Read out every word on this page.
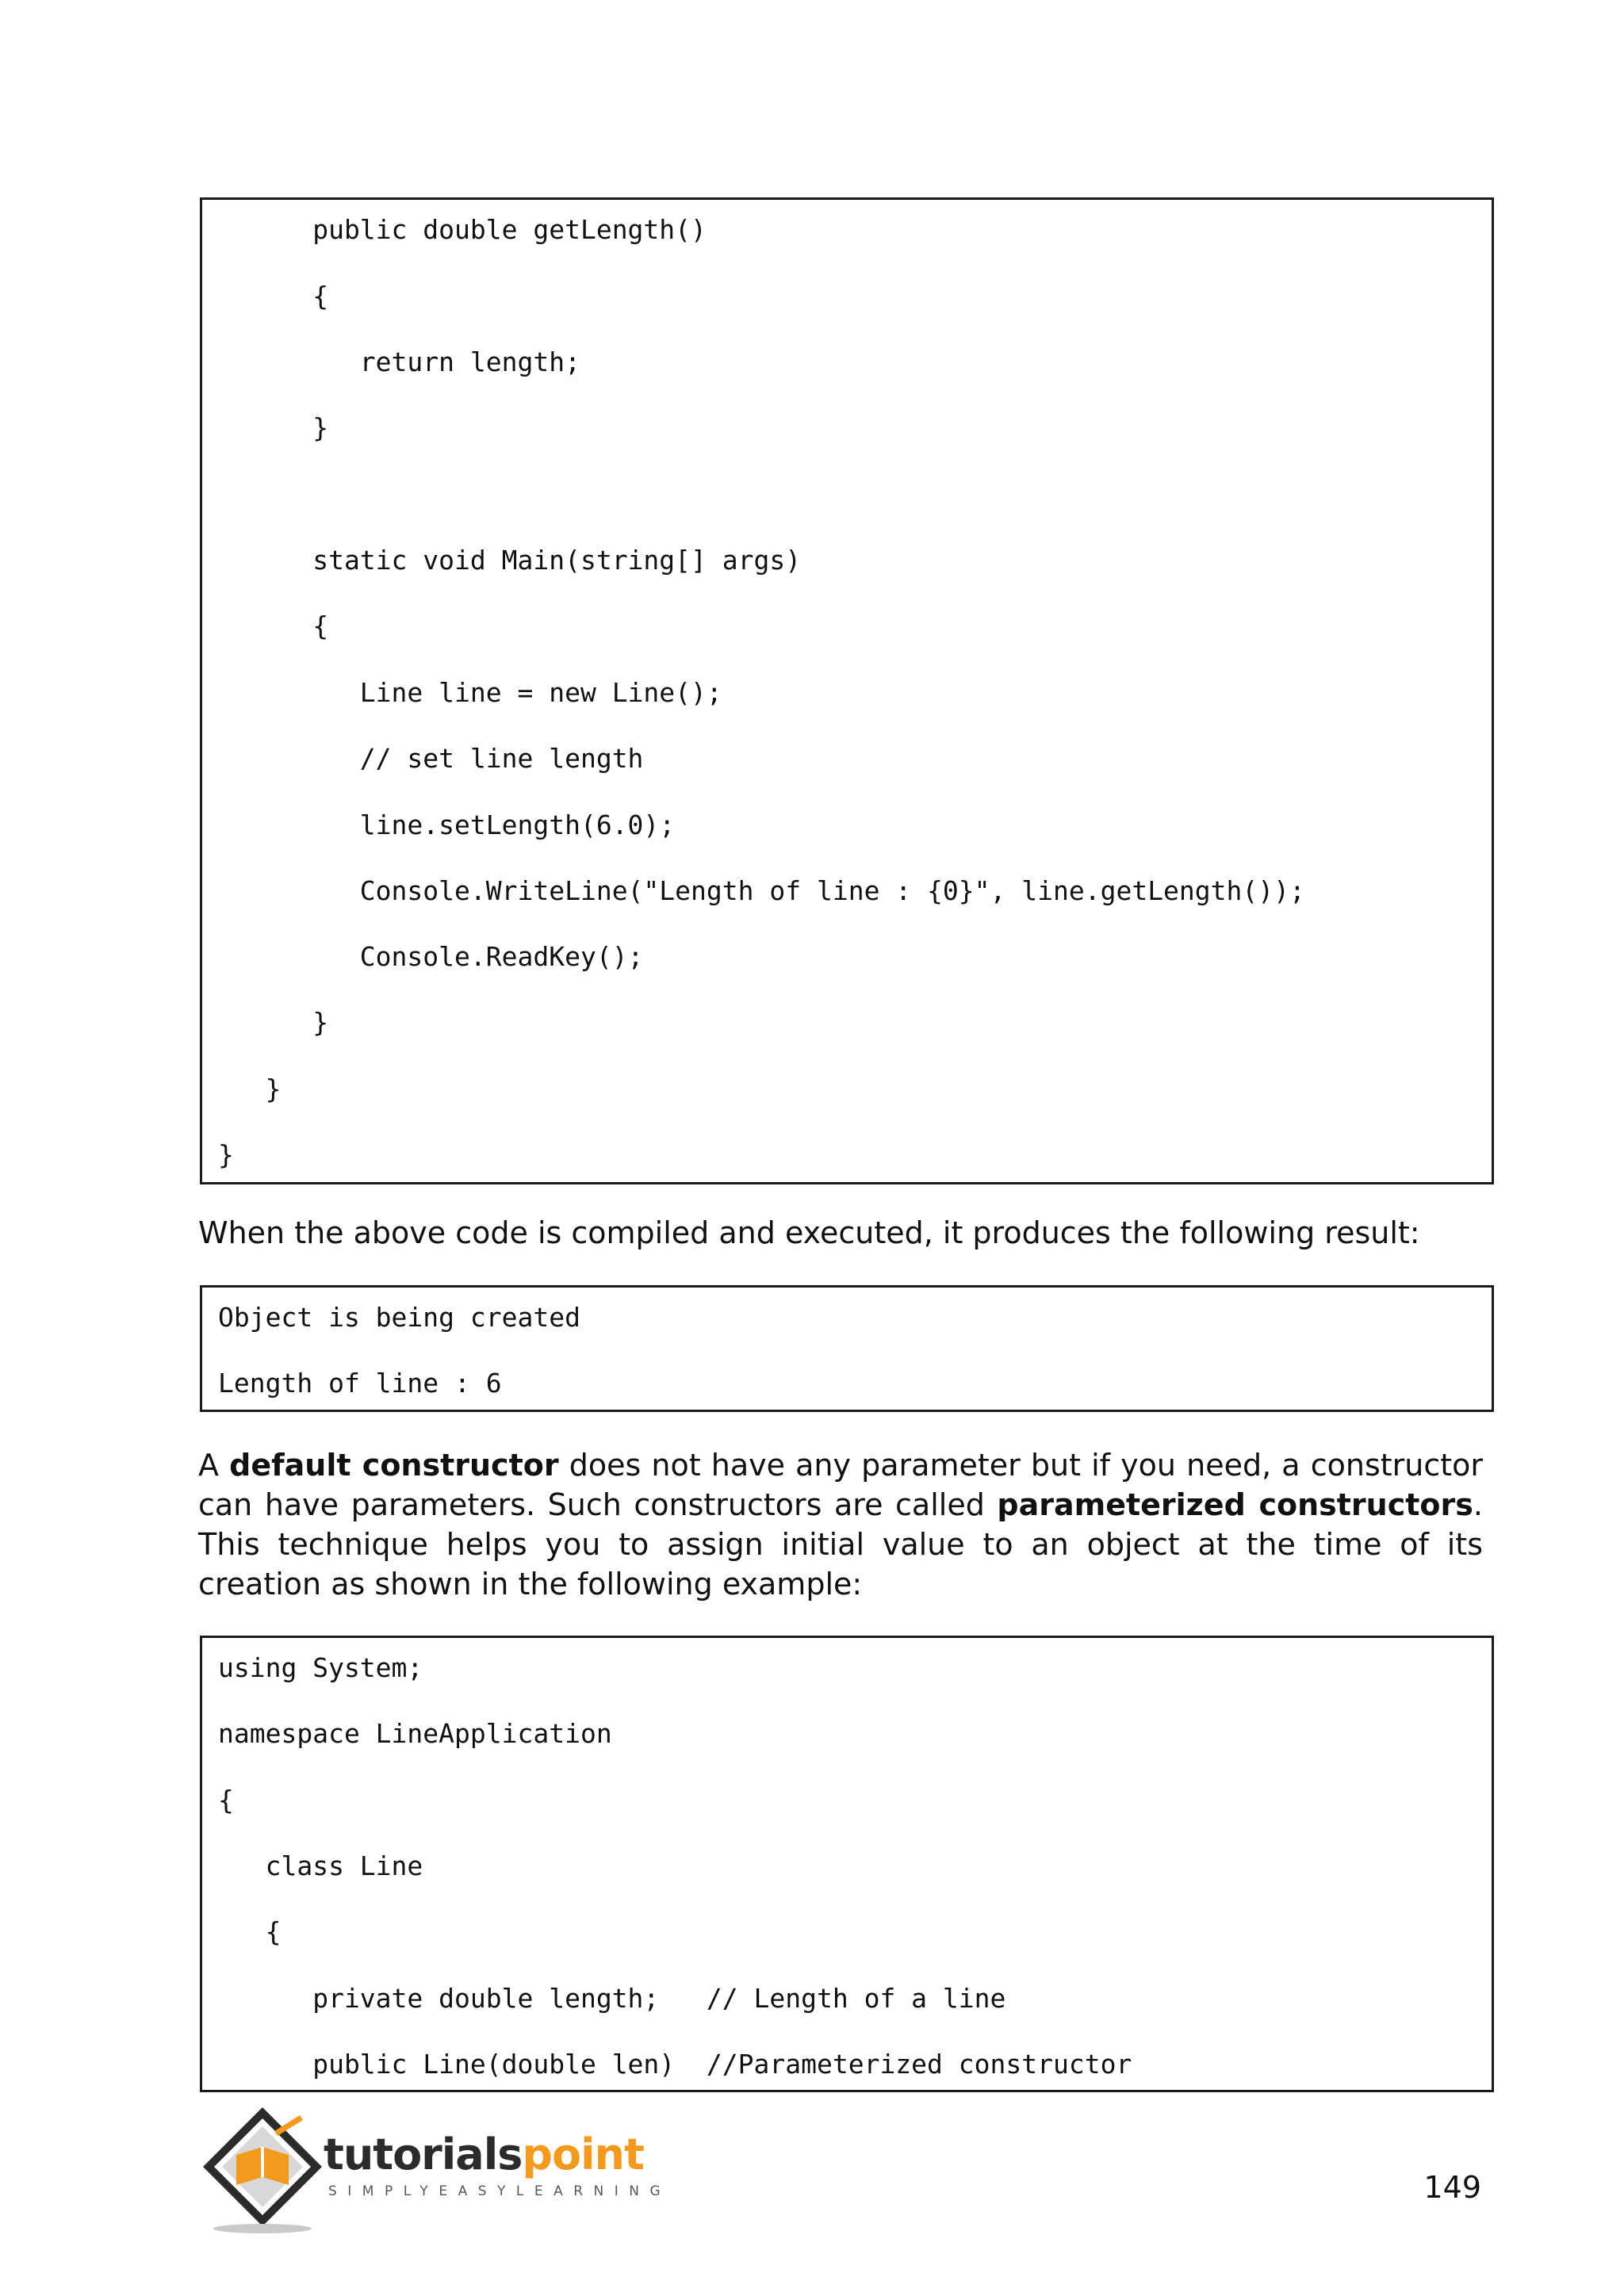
public double getLength()
{
return length;
}
static void Main(string[] args)
{
Line line = new Line();
// set line length
line.setLength(6.0);
Console.WriteLine("Length of line : {0}", line.getLength());
Console.ReadKey();
}
}
}
When the above code is compiled and executed, it produces the following result:
Object is being created
Length of line : 6
A default constructor does not have any parameter but if you need, a constructor can have parameters. Such constructors are called parameterized constructors. This technique helps you to assign initial value to an object at the time of its creation as shown in the following example:
using System;
namespace LineApplication
{
class Line
{
private double length;   // Length of a line
public Line(double len)  //Parameterized constructor
tutorialspoint
SIMPLYEASYLEARNING	149
